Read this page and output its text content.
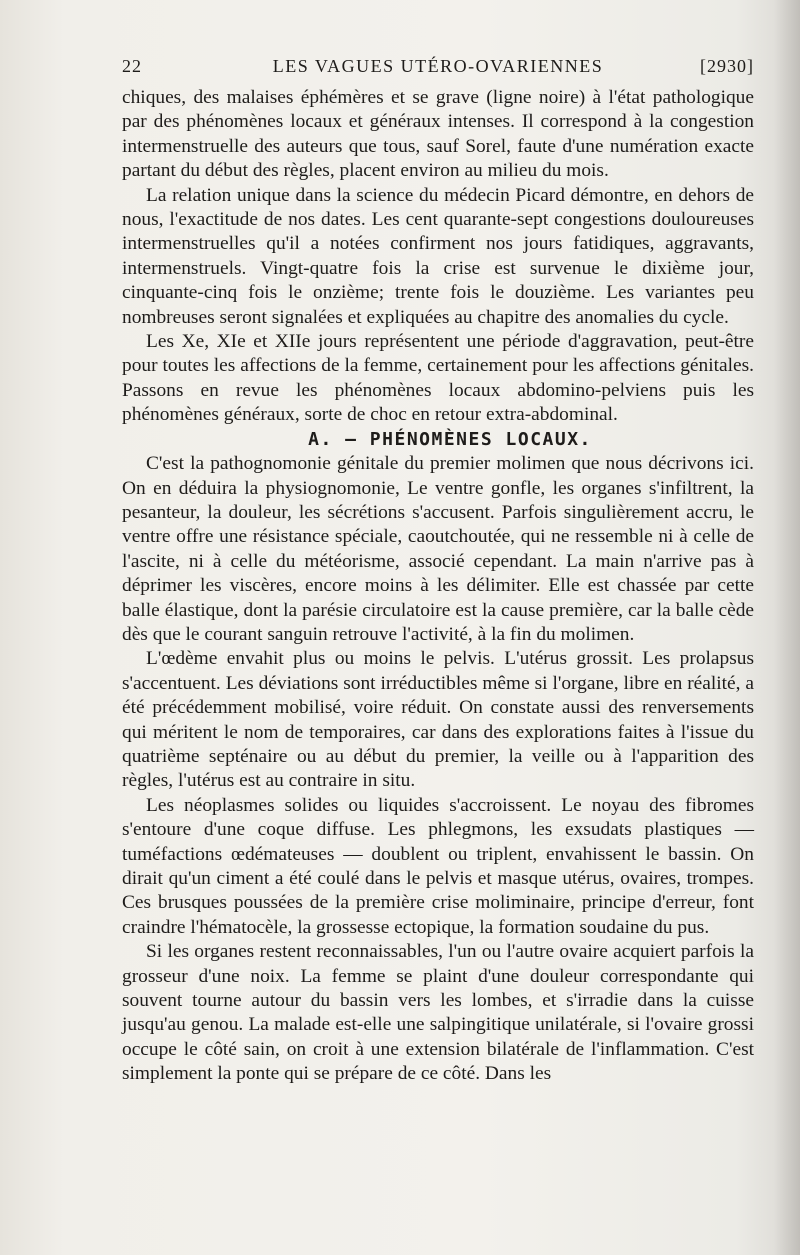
22	LES VAGUES UTÉRO-OVARIENNES	[2930]

chiques, des malaises éphémères et se grave (ligne noire) à l'état pathologique par des phénomènes locaux et généraux intenses. Il correspond à la congestion intermenstruelle des auteurs que tous, sauf Sorel, faute d'une numération exacte partant du début des règles, placent environ au milieu du mois.

La relation unique dans la science du médecin Picard démontre, en dehors de nous, l'exactitude de nos dates. Les cent quarante-sept congestions douloureuses intermenstruelles qu'il a notées confirment nos jours fatidiques, aggravants, intermenstruels. Vingt-quatre fois la crise est survenue le dixième jour, cinquante-cinq fois le onzième; trente fois le douzième. Les variantes peu nombreuses seront signalées et expliquées au chapitre des anomalies du cycle.

Les Xe, XIe et XIIe jours représentent une période d'aggravation, peut-être pour toutes les affections de la femme, certainement pour les affections génitales. Passons en revue les phénomènes locaux abdomino-pelviens puis les phénomènes généraux, sorte de choc en retour extra-abdominal.

A. — PHÉNOMÈNES LOCAUX.

C'est la pathognomonie génitale du premier molimen que nous décrivons ici. On en déduira la physiognomonie, Le ventre gonfle, les organes s'infiltrent, la pesanteur, la douleur, les sécrétions s'accusent. Parfois singulièrement accru, le ventre offre une résistance spéciale, caoutchoutée, qui ne ressemble ni à celle de l'ascite, ni à celle du météorisme, associé cependant. La main n'arrive pas à déprimer les viscères, encore moins à les délimiter. Elle est chassée par cette balle élastique, dont la parésie circulatoire est la cause première, car la balle cède dès que le courant sanguin retrouve l'activité, à la fin du molimen.

L'œdème envahit plus ou moins le pelvis. L'utérus grossit. Les prolapsus s'accentuent. Les déviations sont irréductibles même si l'organe, libre en réalité, a été précédemment mobilisé, voire réduit. On constate aussi des renversements qui méritent le nom de temporaires, car dans des explorations faites à l'issue du quatrième septénaire ou au début du premier, la veille ou à l'apparition des règles, l'utérus est au contraire in situ.

Les néoplasmes solides ou liquides s'accroissent. Le noyau des fibromes s'entoure d'une coque diffuse. Les phlegmons, les exsudats plastiques — tuméfactions œdémateuses — doublent ou triplent, envahissent le bassin. On dirait qu'un ciment a été coulé dans le pelvis et masque utérus, ovaires, trompes. Ces brusques poussées de la première crise moliminaire, principe d'erreur, font craindre l'hématocèle, la grossesse ectopique, la formation soudaine du pus.

Si les organes restent reconnaissables, l'un ou l'autre ovaire acquiert parfois la grosseur d'une noix. La femme se plaint d'une douleur correspondante qui souvent tourne autour du bassin vers les lombes, et s'irradie dans la cuisse jusqu'au genou. La malade est-elle une salpingitique unilatérale, si l'ovaire grossi occupe le côté sain, on croit à une extension bilatérale de l'inflammation. C'est simplement la ponte qui se prépare de ce côté. Dans les
